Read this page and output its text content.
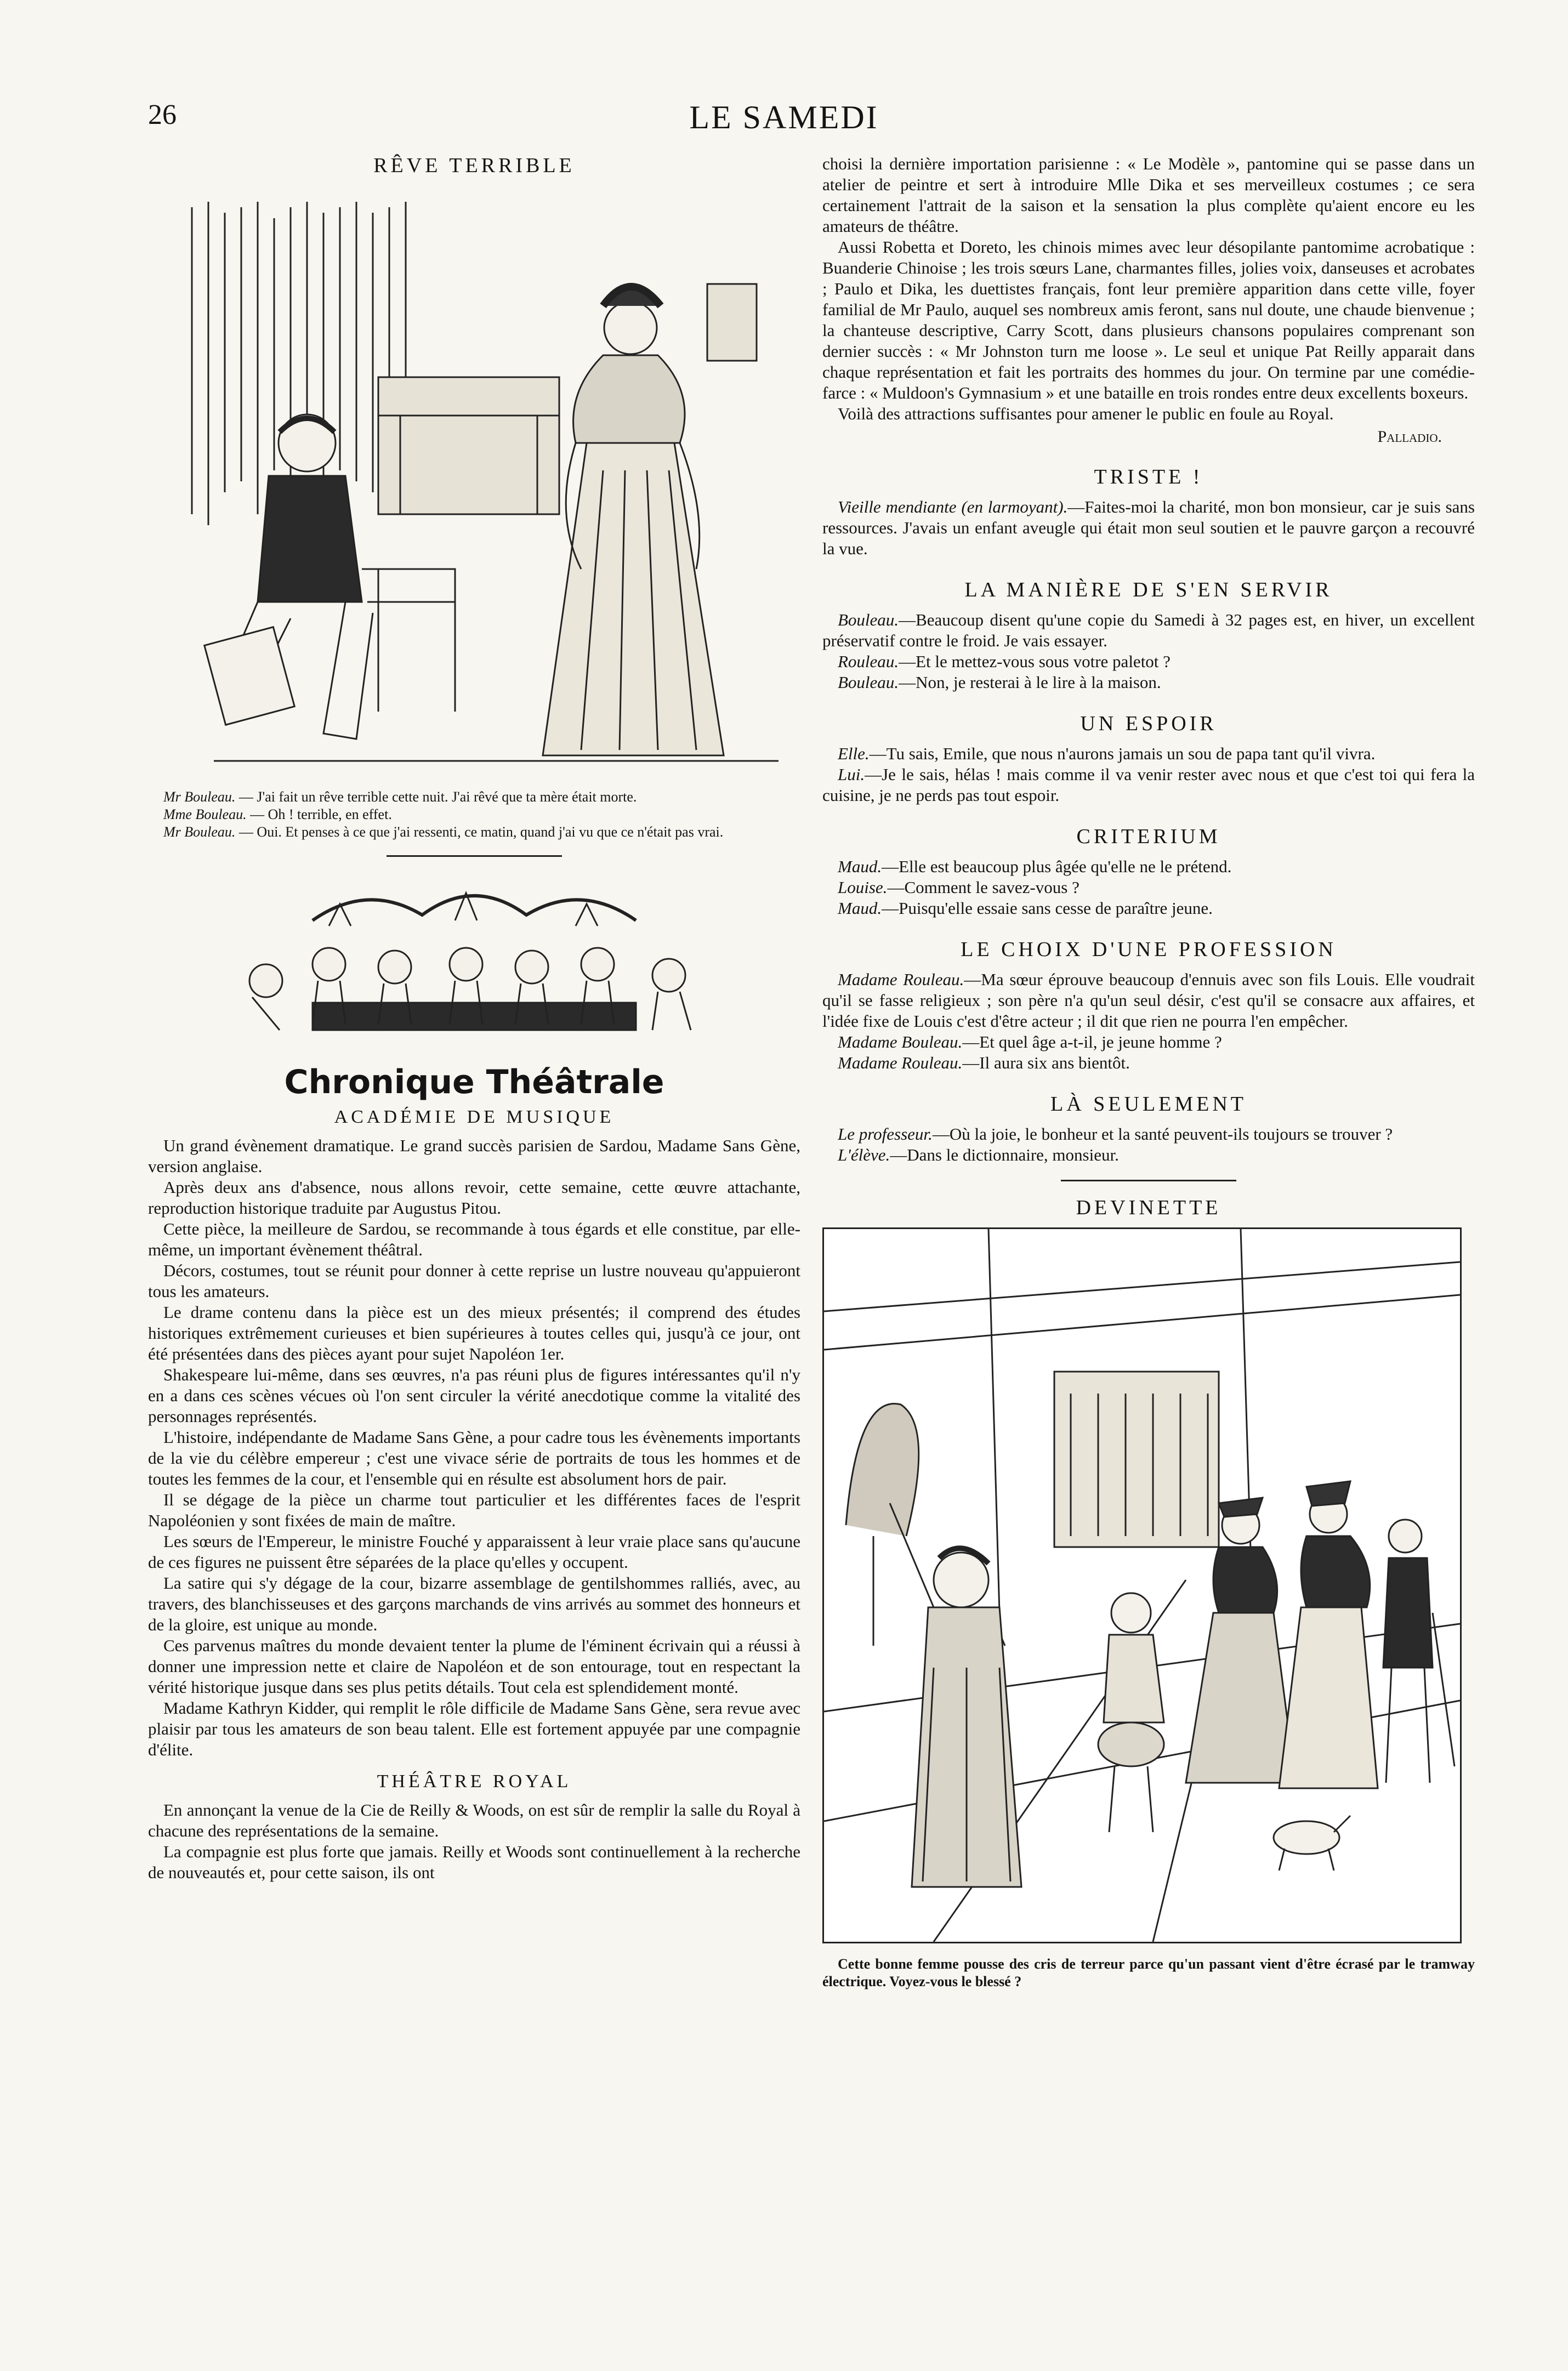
26	LE SAMEDI
RÊVE TERRIBLE

Mr Bouleau. — J'ai fait un rêve terrible cette nuit. J'ai rêvé que ta mère était morte.

Mme Bouleau. — Oh ! terrible, en effet.

Mr Bouleau. — Oui. Et penses à ce que j'ai ressenti, ce matin, quand j'ai vu que ce n'était pas vrai.

Chronique Théâtrale
ACADÉMIE DE MUSIQUE

Un grand évènement dramatique. Le grand succès parisien de Sardou, Madame Sans Gène, version anglaise.

Après deux ans d'absence, nous allons revoir, cette semaine, cette œuvre attachante, reproduction historique traduite par Augustus Pitou.

Cette pièce, la meilleure de Sardou, se recommande à tous égards et elle constitue, par elle-même, un important évènement théâtral.

Décors, costumes, tout se réunit pour donner à cette reprise un lustre nouveau qu'appuieront tous les amateurs.

Le drame contenu dans la pièce est un des mieux présentés; il comprend des études historiques extrêmement curieuses et bien supérieures à toutes celles qui, jusqu'à ce jour, ont été présentées dans des pièces ayant pour sujet Napoléon 1er.

Shakespeare lui-même, dans ses œuvres, n'a pas réuni plus de figures intéressantes qu'il n'y en a dans ces scènes vécues où l'on sent circuler la vérité anecdotique comme la vitalité des personnages représentés.

L'histoire, indépendante de Madame Sans Gène, a pour cadre tous les évènements importants de la vie du célèbre empereur ; c'est une vivace série de portraits de tous les hommes et de toutes les femmes de la cour, et l'ensemble qui en résulte est absolument hors de pair.

Il se dégage de la pièce un charme tout particulier et les différentes faces de l'esprit Napoléonien y sont fixées de main de maître.

Les sœurs de l'Empereur, le ministre Fouché y apparaissent à leur vraie place sans qu'aucune de ces figures ne puissent être séparées de la place qu'elles y occupent.

La satire qui s'y dégage de la cour, bizarre assemblage de gentilshommes ralliés, avec, au travers, des blanchisseuses et des garçons marchands de vins arrivés au sommet des honneurs et de la gloire, est unique au monde.

Ces parvenus maîtres du monde devaient tenter la plume de l'éminent écrivain qui a réussi à donner une impression nette et claire de Napoléon et de son entourage, tout en respectant la vérité historique jusque dans ses plus petits détails. Tout cela est splendidement monté.

Madame Kathryn Kidder, qui remplit le rôle difficile de Madame Sans Gène, sera revue avec plaisir par tous les amateurs de son beau talent. Elle est fortement appuyée par une compagnie d'élite.

THÉÂTRE ROYAL

En annonçant la venue de la Cie de Reilly & Woods, on est sûr de remplir la salle du Royal à chacune des représentations de la semaine.

La compagnie est plus forte que jamais. Reilly et Woods sont continuellement à la recherche de nouveautés et, pour cette saison, ils ont

choisi la dernière importation parisienne : « Le Modèle », pantomine qui se passe dans un atelier de peintre et sert à introduire Mlle Dika et ses merveilleux costumes ; ce sera certainement l'attrait de la saison et la sensation la plus complète qu'aient encore eu les amateurs de théâtre.

Aussi Robetta et Doreto, les chinois mimes avec leur désopilante pantomime acrobatique : Buanderie Chinoise ; les trois sœurs Lane, charmantes filles, jolies voix, danseuses et acrobates ; Paulo et Dika, les duettistes français, font leur première apparition dans cette ville, foyer familial de Mr Paulo, auquel ses nombreux amis feront, sans nul doute, une chaude bienvenue ; la chanteuse descriptive, Carry Scott, dans plusieurs chansons populaires comprenant son dernier succès : « Mr Johnston turn me loose ». Le seul et unique Pat Reilly apparait dans chaque représentation et fait les portraits des hommes du jour. On termine par une comédie-farce : « Muldoon's Gymnasium » et une bataille en trois rondes entre deux excellents boxeurs.

Voilà des attractions suffisantes pour amener le public en foule au Royal.

Palladio.
TRISTE !

Vieille mendiante (en larmoyant).—Faites-moi la charité, mon bon monsieur, car je suis sans ressources. J'avais un enfant aveugle qui était mon seul soutien et le pauvre garçon a recouvré la vue.

LA MANIÈRE DE S'EN SERVIR

Bouleau.—Beaucoup disent qu'une copie du Samedi à 32 pages est, en hiver, un excellent préservatif contre le froid. Je vais essayer.

Rouleau.—Et le mettez-vous sous votre paletot ?

Bouleau.—Non, je resterai à le lire à la maison.

UN ESPOIR

Elle.—Tu sais, Emile, que nous n'aurons jamais un sou de papa tant qu'il vivra.

Lui.—Je le sais, hélas ! mais comme il va venir rester avec nous et que c'est toi qui fera la cuisine, je ne perds pas tout espoir.

CRITERIUM

Maud.—Elle est beaucoup plus âgée qu'elle ne le prétend.

Louise.—Comment le savez-vous ?

Maud.—Puisqu'elle essaie sans cesse de paraître jeune.

LE CHOIX D'UNE PROFESSION

Madame Rouleau.—Ma sœur éprouve beaucoup d'ennuis avec son fils Louis. Elle voudrait qu'il se fasse religieux ; son père n'a qu'un seul désir, c'est qu'il se consacre aux affaires, et l'idée fixe de Louis c'est d'être acteur ; il dit que rien ne pourra l'en empêcher.

Madame Bouleau.—Et quel âge a-t-il, je jeune homme ?

Madame Rouleau.—Il aura six ans bientôt.

LÀ SEULEMENT

Le professeur.—Où la joie, le bonheur et la santé peuvent-ils toujours se trouver ?

L'élève.—Dans le dictionnaire, monsieur.

DEVINETTE
Cette bonne femme pousse des cris de terreur parce qu'un passant vient d'être écrasé par le tramway électrique. Voyez-vous le blessé ?
